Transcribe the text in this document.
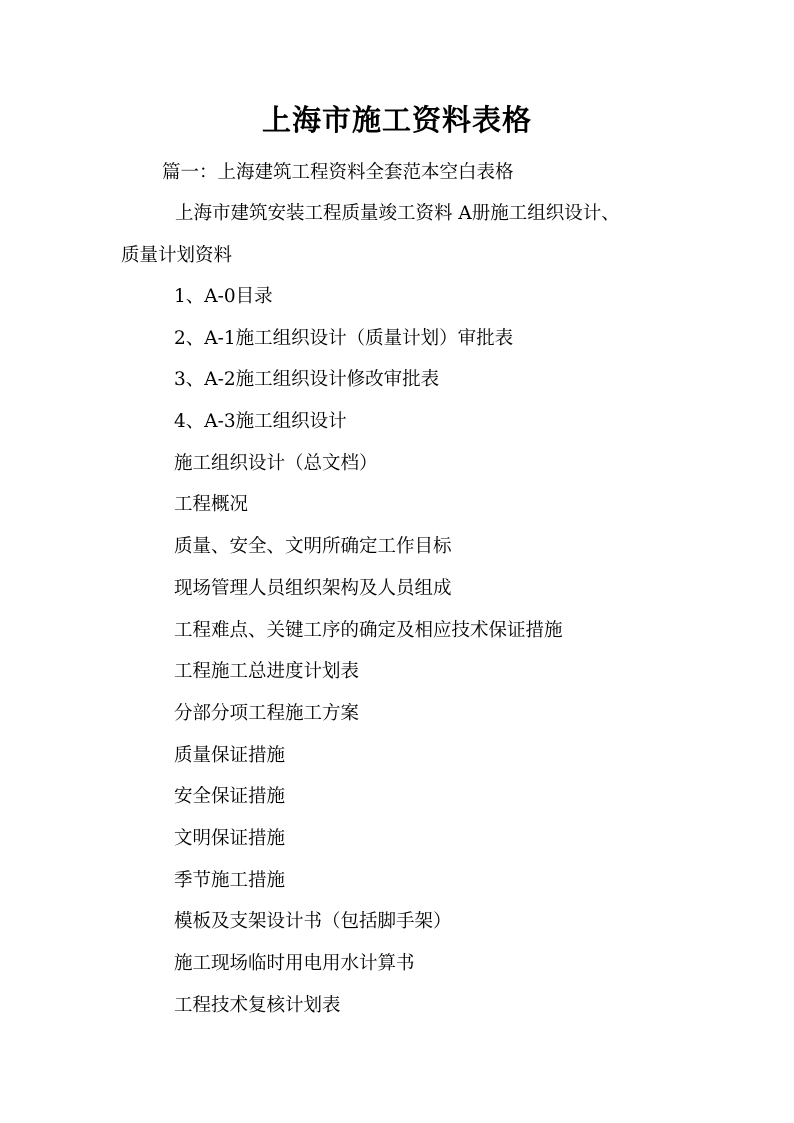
上海市施工资料表格
篇一：上海建筑工程资料全套范本空白表格
上海市建筑安装工程质量竣工资料 A册施工组织设计、
质量计划资料
1、A-0目录
2、A-1施工组织设计（质量计划）审批表
3、A-2施工组织设计修改审批表
4、A-3施工组织设计
施工组织设计（总文档）
工程概况
质量、安全、文明所确定工作目标
现场管理人员组织架构及人员组成
工程难点、关键工序的确定及相应技术保证措施
工程施工总进度计划表
分部分项工程施工方案
质量保证措施
安全保证措施
文明保证措施
季节施工措施
模板及支架设计书（包括脚手架）
施工现场临时用电用水计算书
工程技术复核计划表
